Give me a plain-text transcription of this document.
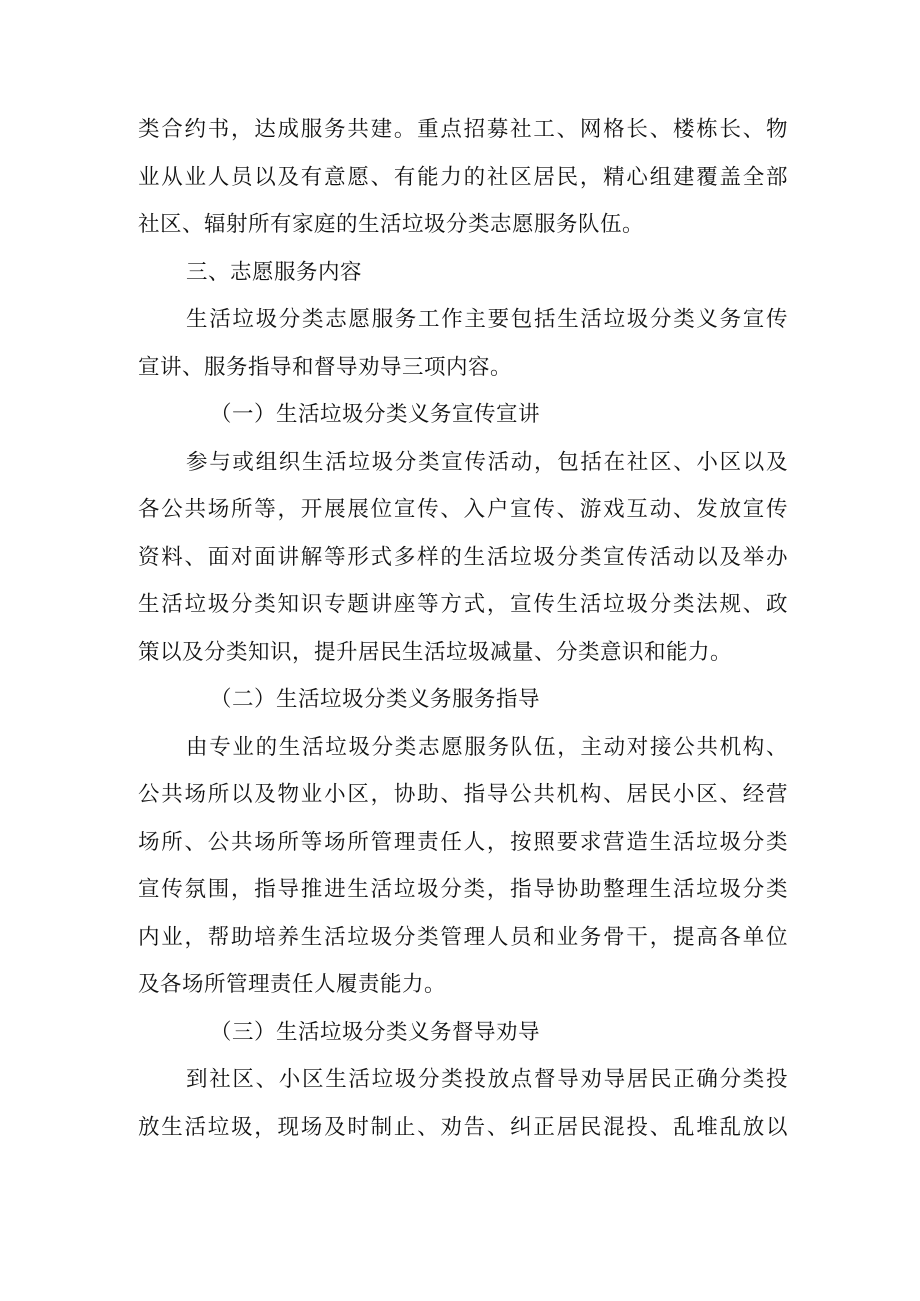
类合约书，达成服务共建。重点招募社工、网格长、楼栋长、物

业从业人员以及有意愿、有能力的社区居民，精心组建覆盖全部

社区、辐射所有家庭的生活垃圾分类志愿服务队伍。

三、志愿服务内容

生活垃圾分类志愿服务工作主要包括生活垃圾分类义务宣传

宣讲、服务指导和督导劝导三项内容。

（一）生活垃圾分类义务宣传宣讲

参与或组织生活垃圾分类宣传活动，包括在社区、小区以及

各公共场所等，开展展位宣传、入户宣传、游戏互动、发放宣传

资料、面对面讲解等形式多样的生活垃圾分类宣传活动以及举办

生活垃圾分类知识专题讲座等方式，宣传生活垃圾分类法规、政

策以及分类知识，提升居民生活垃圾减量、分类意识和能力。

（二）生活垃圾分类义务服务指导

由专业的生活垃圾分类志愿服务队伍，主动对接公共机构、

公共场所以及物业小区，协助、指导公共机构、居民小区、经营

场所、公共场所等场所管理责任人，按照要求营造生活垃圾分类

宣传氛围，指导推进生活垃圾分类，指导协助整理生活垃圾分类

内业，帮助培养生活垃圾分类管理人员和业务骨干，提高各单位

及各场所管理责任人履责能力。

（三）生活垃圾分类义务督导劝导

到社区、小区生活垃圾分类投放点督导劝导居民正确分类投

放生活垃圾，现场及时制止、劝告、纠正居民混投、乱堆乱放以
